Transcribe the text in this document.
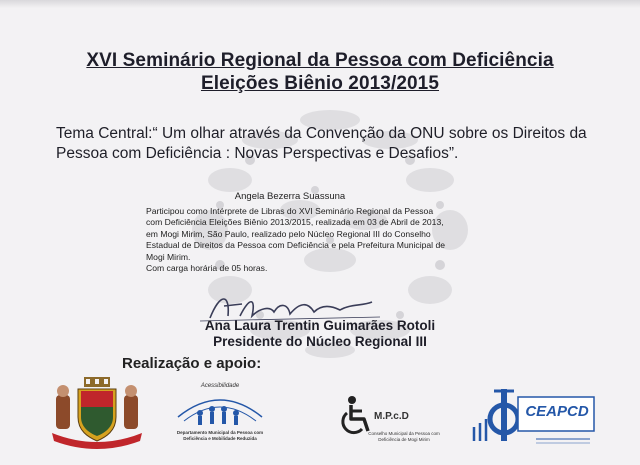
XVI Seminário Regional da Pessoa com Deficiência
Eleições Biênio 2013/2015
Tema Central:“ Um olhar através da Convenção da ONU sobre os Direitos da Pessoa com Deficiência : Novas Perspectivas e Desafios”.
Angela Bezerra Suassuna
Participou como Intérprete de Libras do XVI Seminário Regional da Pessoa
com Deficiência Eleições Biênio 2013/2015, realizada em 03 de Abril de 2013,
em Mogi Mirim, São Paulo, realizado pelo Núcleo Regional III do Conselho
Estadual de Direitos da Pessoa com Deficiência e pela Prefeitura Municipal de
Mogi Mirim.
Com carga horária de 05 horas.
Ana Laura Trentin Guimarães Rotoli
Presidente do Núcleo Regional III
Realização e apoio:
Acessibilidade
Departamento Municipal da Pessoa com Deficiência e Mobilidade Reduzida
M.P.c.D
Conselho Municipal da Pessoa com Deficiência de Mogi Mirim
CEAPCD
